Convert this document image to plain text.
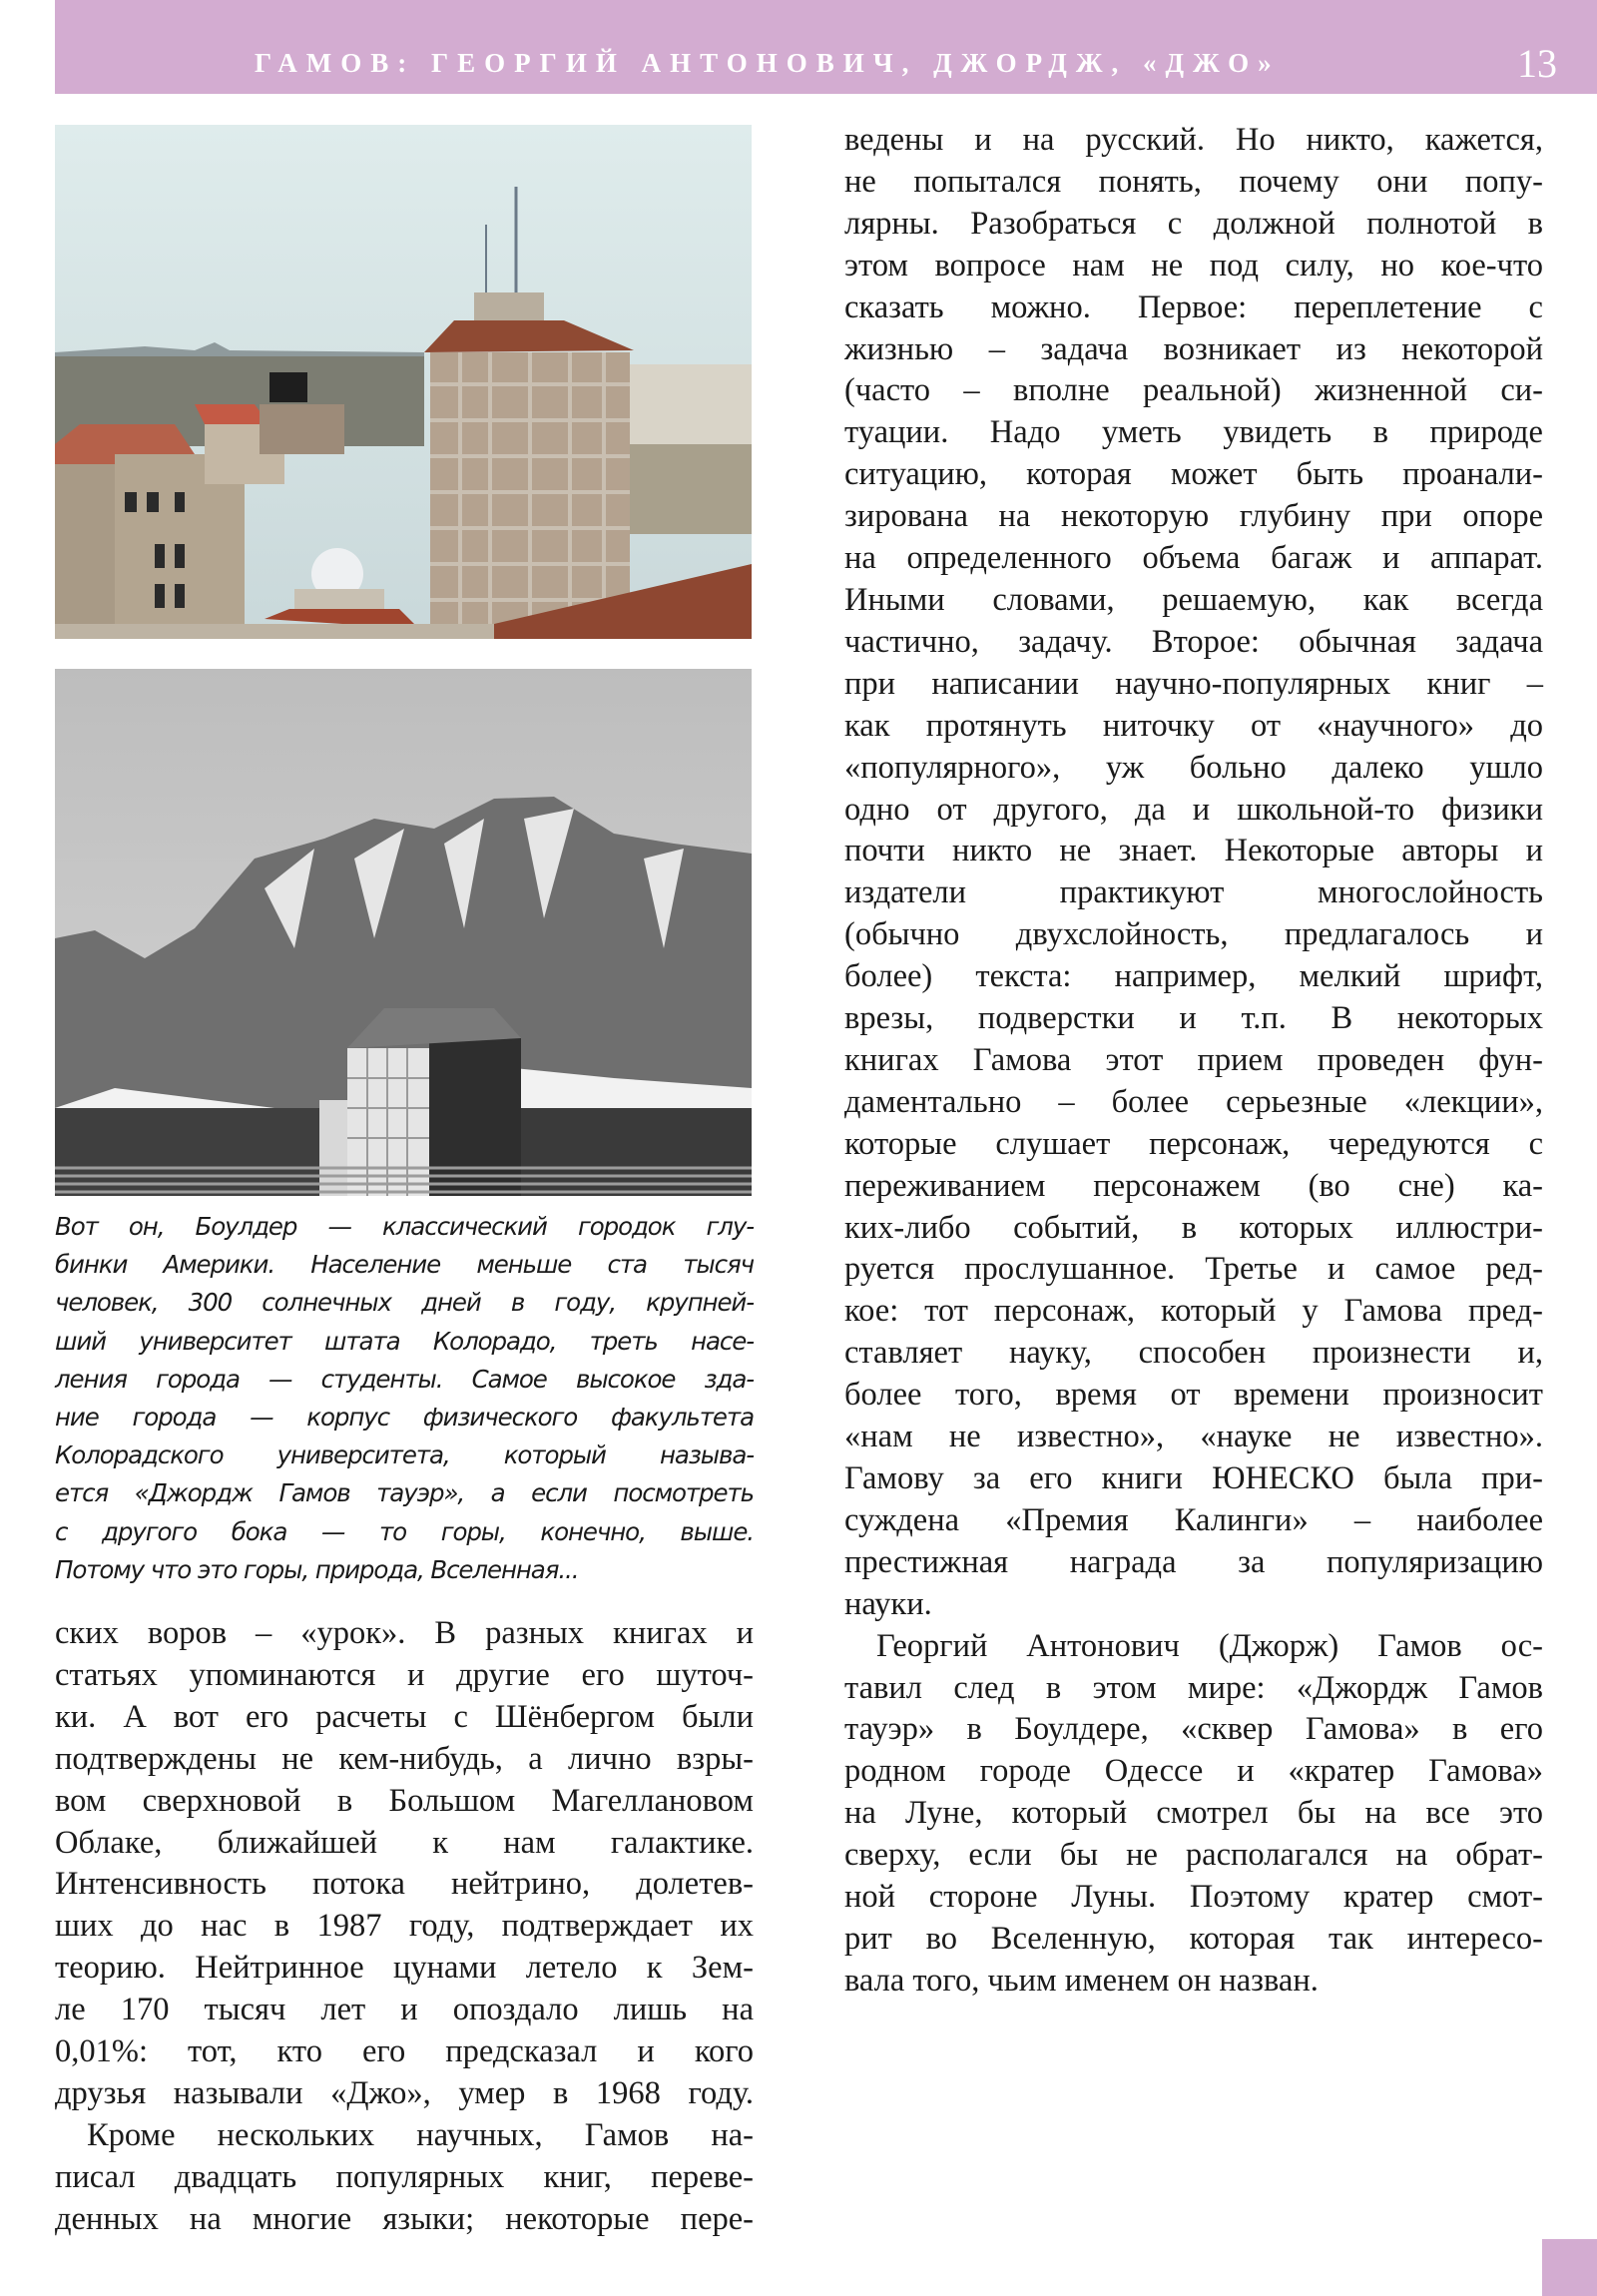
ГАМОВ: ГЕОРГИЙ АНТОНОВИЧ, ДЖОРДЖ, «ДЖО»	13
Вот он, Боулдер — классический городок глу-
бинки Америки. Население меньше ста тысяч
человек, 300 солнечных дней в году, крупней-
ший университет штата Колорадо, треть насе-
ления города — студенты. Самое высокое зда-
ние города — корпус физического факультета
Колорадского университета, который называ-
ется «Джордж Гамов тауэр», а если посмотреть
с другого бока — то горы, конечно, выше.
Потому что это горы, природа, Вселенная...
ских воров – «урок». В разных книгах и
статьях упоминаются и другие его шуточ-
ки. А вот его расчеты с Шёнбергом были
подтверждены не кем-нибудь, а лично взры-
вом сверхновой в Большом Магеллановом
Облаке, ближайшей к нам галактике.
Интенсивность потока нейтрино, долетев-
ших до нас в 1987 году, подтверждает их
теорию. Нейтринное цунами летело к Зем-
ле 170 тысяч лет и опоздало лишь на
0,01%: тот, кто его предсказал и кого
друзья называли «Джо», умер в 1968 году.
Кроме нескольких научных, Гамов на-
писал двадцать популярных книг, переве-
денных на многие языки; некоторые пере-
ведены и на русский. Но никто, кажется,
не попытался понять, почему они попу-
лярны. Разобраться с должной полнотой в
этом вопросе нам не под силу, но кое-что
сказать можно. Первое: переплетение с
жизнью – задача возникает из некоторой
(часто – вполне реальной) жизненной си-
туации. Надо уметь увидеть в природе
ситуацию, которая может быть проанали-
зирована на некоторую глубину при опоре
на определенного объема багаж и аппарат.
Иными словами, решаемую, как всегда
частично, задачу. Второе: обычная задача
при написании научно-популярных книг –
как протянуть ниточку от «научного» до
«популярного», уж больно далеко ушло
одно от другого, да и школьной-то физики
почти никто не знает. Некоторые авторы и
издатели практикуют многослойность
(обычно двухслойность, предлагалось и
более) текста: например, мелкий шрифт,
врезы, подверстки и т.п. В некоторых
книгах Гамова этот прием проведен фун-
даментально – более серьезные «лекции»,
которые слушает персонаж, чередуются с
переживанием персонажем (во сне) ка-
ких-либо событий, в которых иллюстри-
руется прослушанное. Третье и самое ред-
кое: тот персонаж, который у Гамова пред-
ставляет науку, способен произнести и,
более того, время от времени произносит
«нам не известно», «науке не известно».
Гамову за его книги ЮНЕСКО была при-
суждена «Премия Калинги» – наиболее
престижная награда за популяризацию
науки.
Георгий Антонович (Джорж) Гамов ос-
тавил след в этом мире: «Джордж Гамов
тауэр» в Боулдере, «сквер Гамова» в его
родном городе Одессе и «кратер Гамова»
на Луне, который смотрел бы на все это
сверху, если бы не располагался на обрат-
ной стороне Луны. Поэтому кратер смот-
рит во Вселенную, которая так интересо-
вала того, чьим именем он назван.
